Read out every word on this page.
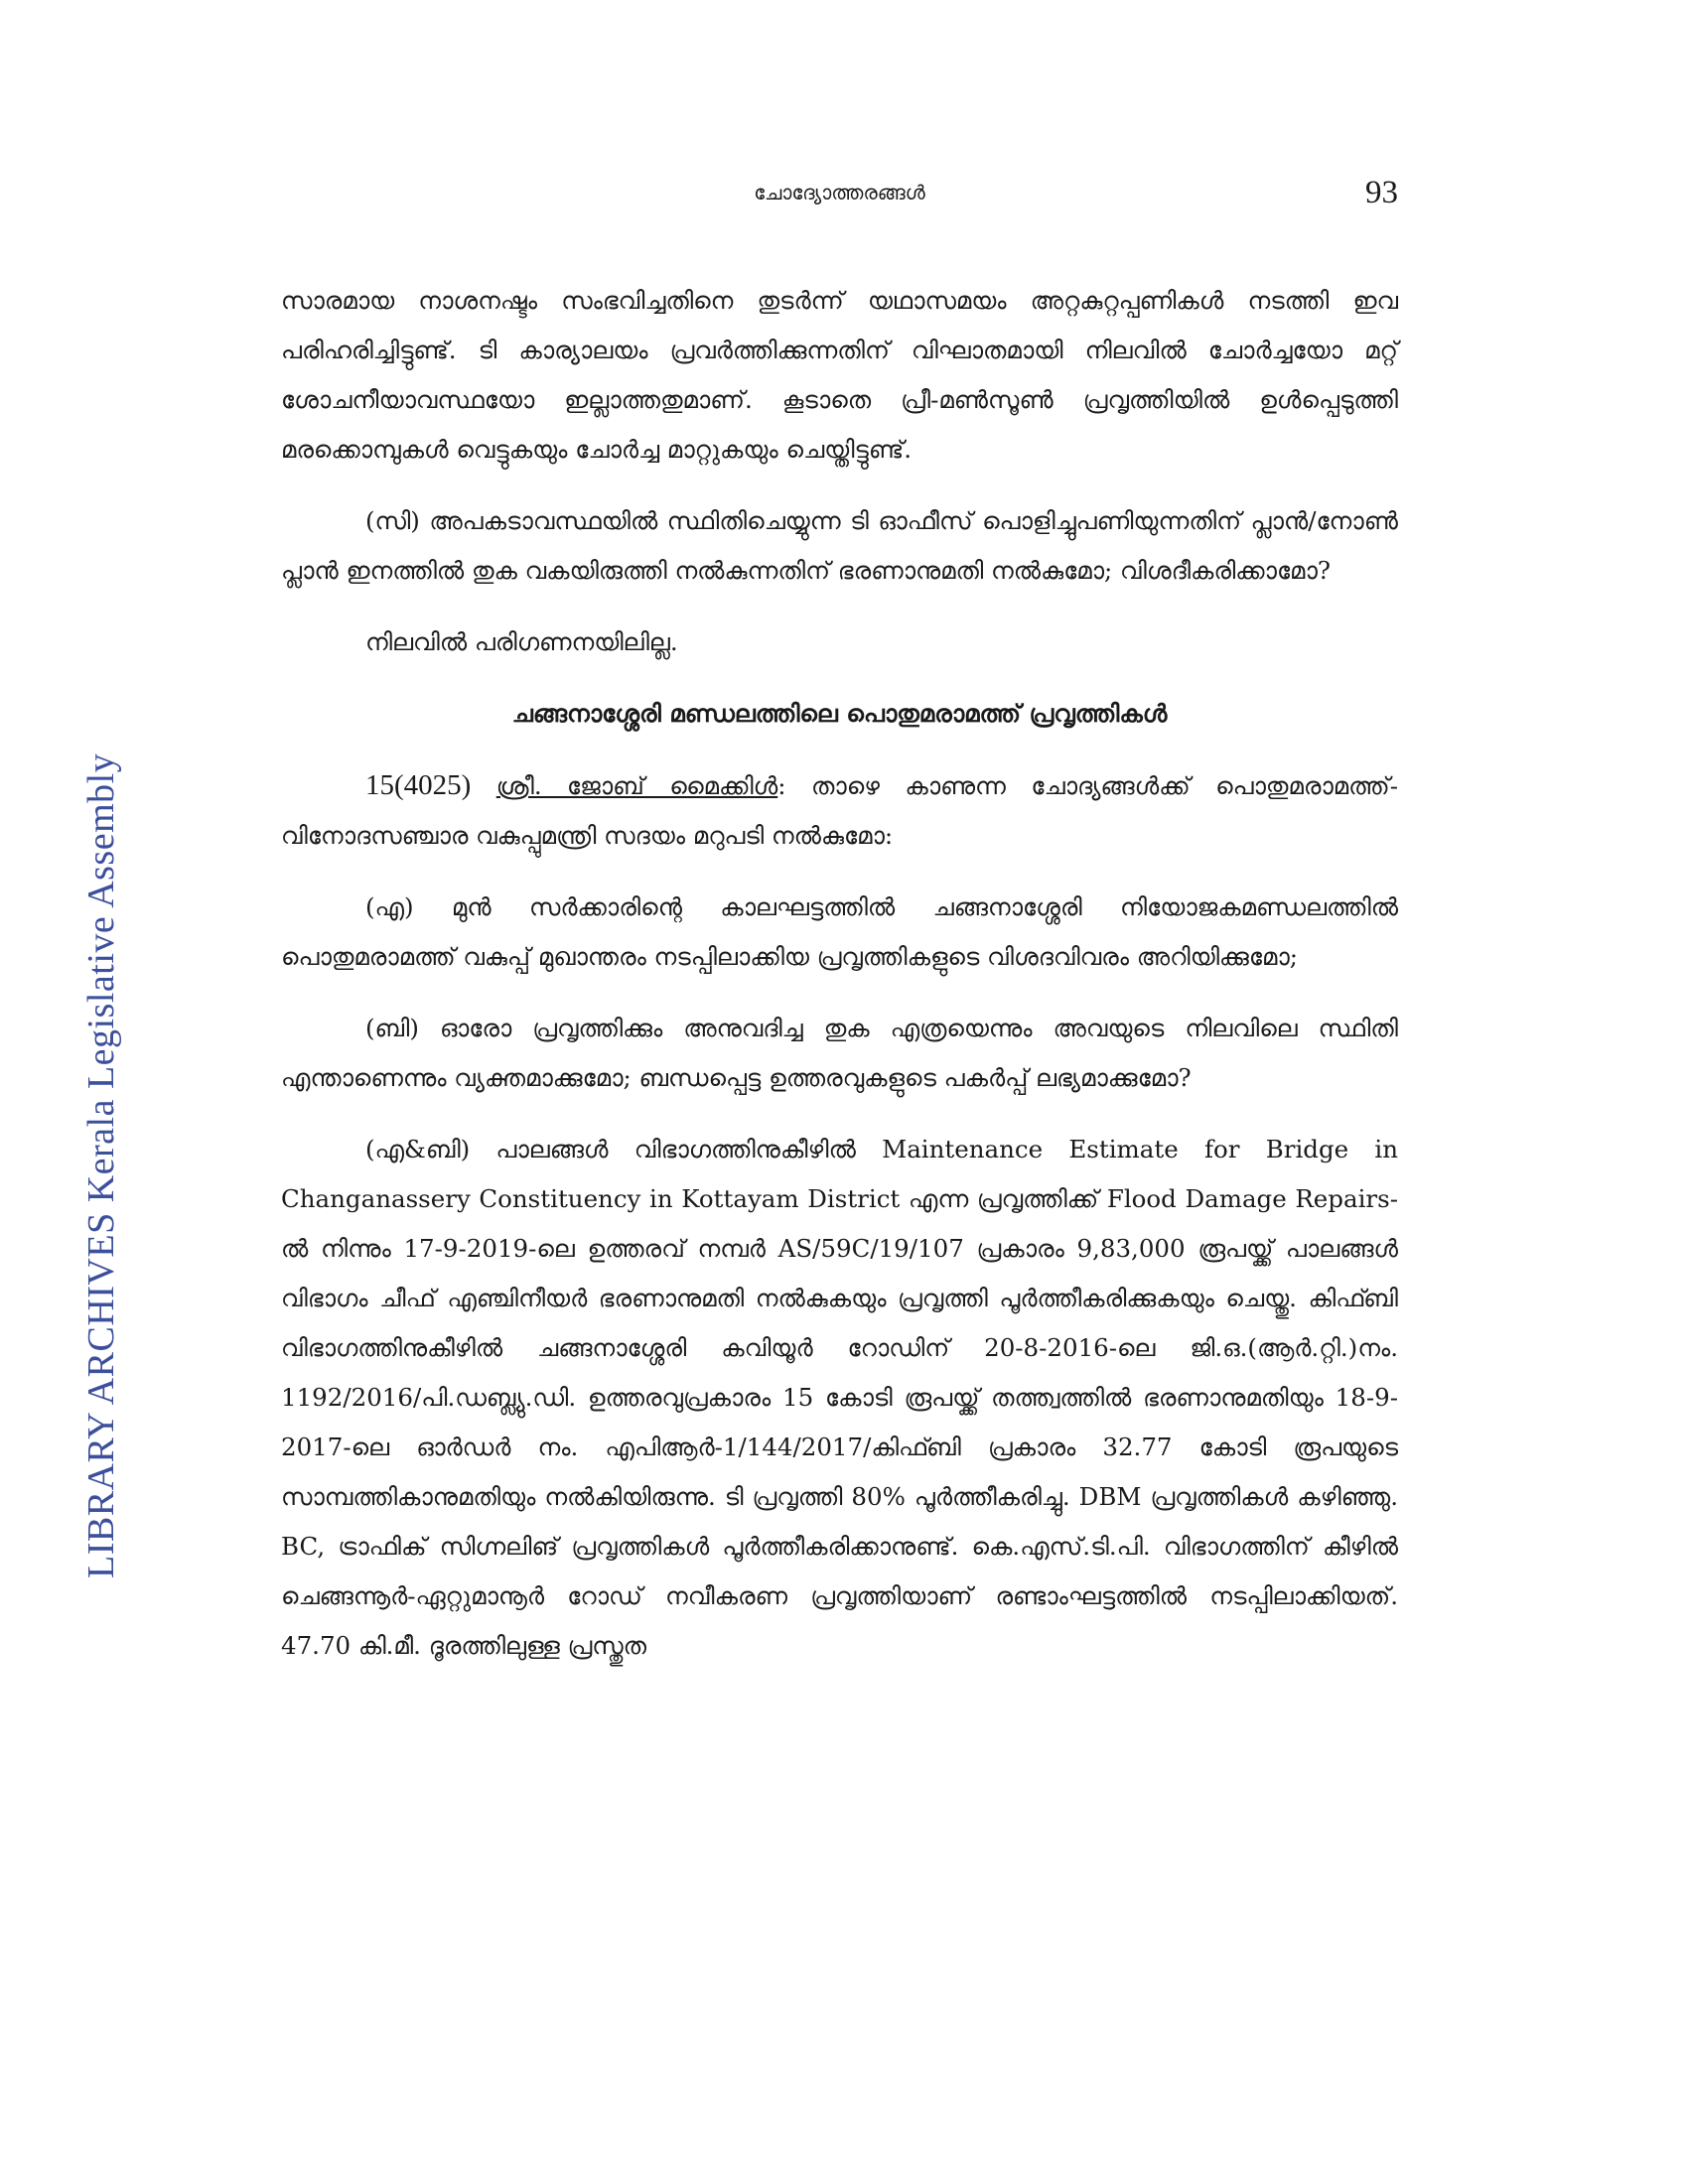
LIBRARY ARCHIVES Kerala Legislative Assembly
ചോദ്യോത്തരങ്ങൾ	93

സാരമായ നാശനഷ്ടം സംഭവിച്ചതിനെ തുടർന്ന് യഥാസമയം അറ്റകുറ്റപ്പണികൾ നടത്തി ഇവ പരിഹരിച്ചിട്ടുണ്ട്. ടി കാര്യാലയം പ്രവർത്തിക്കുന്നതിന് വിഘാതമായി നിലവിൽ ചോർച്ചയോ മറ്റ് ശോചനീയാവസ്ഥയോ ഇല്ലാത്തതുമാണ്. കൂടാതെ പ്രീ-മൺസൂൺ പ്രവൃത്തിയിൽ ഉൾപ്പെടുത്തി മരക്കൊമ്പുകൾ വെട്ടുകയും ചോർച്ച മാറ്റുകയും ചെയ്തിട്ടുണ്ട്.

(സി) അപകടാവസ്ഥയിൽ സ്ഥിതിചെയ്യുന്ന ടി ഓഫീസ് പൊളിച്ചുപണിയുന്നതിന് പ്ലാൻ/നോൺ പ്ലാൻ ഇനത്തിൽ തുക വകയിരുത്തി നൽകുന്നതിന് ഭരണാനുമതി നൽകുമോ; വിശദീകരിക്കാമോ?

നിലവിൽ പരിഗണനയിലില്ല.

ചങ്ങനാശ്ശേരി മണ്ഡലത്തിലെ പൊതുമരാമത്ത് പ്രവൃത്തികൾ

15(4025) ശ്രീ. ജോബ് മൈക്കിൾ: താഴെ കാണുന്ന ചോദ്യങ്ങൾക്ക് പൊതുമരാമത്ത്-വിനോദസഞ്ചാര വകുപ്പുമന്ത്രി സദയം മറുപടി നൽകുമോ:

(എ) മുൻ സർക്കാരിന്റെ കാലഘട്ടത്തിൽ ചങ്ങനാശ്ശേരി നിയോജകമണ്ഡലത്തിൽ പൊതുമരാമത്ത് വകുപ്പ് മുഖാന്തരം നടപ്പിലാക്കിയ പ്രവൃത്തികളുടെ വിശദവിവരം അറിയിക്കുമോ;

(ബി) ഓരോ പ്രവൃത്തിക്കും അനുവദിച്ച തുക എത്രയെന്നും അവയുടെ നിലവിലെ സ്ഥിതി എന്താണെന്നും വ്യക്തമാക്കുമോ; ബന്ധപ്പെട്ട ഉത്തരവുകളുടെ പകർപ്പ് ലഭ്യമാക്കുമോ?

(എ&ബി) പാലങ്ങൾ വിഭാഗത്തിനുകീഴിൽ Maintenance Estimate for Bridge in Changanassery Constituency in Kottayam District എന്ന പ്രവൃത്തിക്ക് Flood Damage Repairs-ൽ നിന്നും 17-9-2019-ലെ ഉത്തരവ് നമ്പർ AS/59C/19/107 പ്രകാരം 9,83,000 രൂപയ്ക്ക് പാലങ്ങൾ വിഭാഗം ചീഫ് എഞ്ചിനീയർ ഭരണാനുമതി നൽകുകയും പ്രവൃത്തി പൂർത്തീകരിക്കുകയും ചെയ്തു. കിഫ്ബി വിഭാഗത്തിനുകീഴിൽ ചങ്ങനാശ്ശേരി കവിയൂർ റോഡിന് 20-8-2016-ലെ ജി.ഒ.(ആർ.റ്റി.)നം. 1192/2016/പി.ഡബ്ല്യു.ഡി. ഉത്തരവുപ്രകാരം 15 കോടി രൂപയ്ക്ക് തത്ത്വത്തിൽ ഭരണാനുമതിയും 18-9-2017-ലെ ഓർഡർ നം. എപിആർ-1/144/2017/കിഫ്ബി പ്രകാരം 32.77 കോടി രൂപയുടെ സാമ്പത്തികാനുമതിയും നൽകിയിരുന്നു. ടി പ്രവൃത്തി 80% പൂർത്തീകരിച്ചു. DBM പ്രവൃത്തികൾ കഴിഞ്ഞു. BC, ട്രാഫിക് സിഗ്നലിങ് പ്രവൃത്തികൾ പൂർത്തീകരിക്കാനുണ്ട്. കെ.എസ്.ടി.പി. വിഭാഗത്തിന് കീഴിൽ ചെങ്ങന്നൂർ-ഏറ്റുമാനൂർ റോഡ് നവീകരണ പ്രവൃത്തിയാണ് രണ്ടാംഘട്ടത്തിൽ നടപ്പിലാക്കിയത്. 47.70 കി.മീ. ദൂരത്തിലുള്ള പ്രസ്തുത
